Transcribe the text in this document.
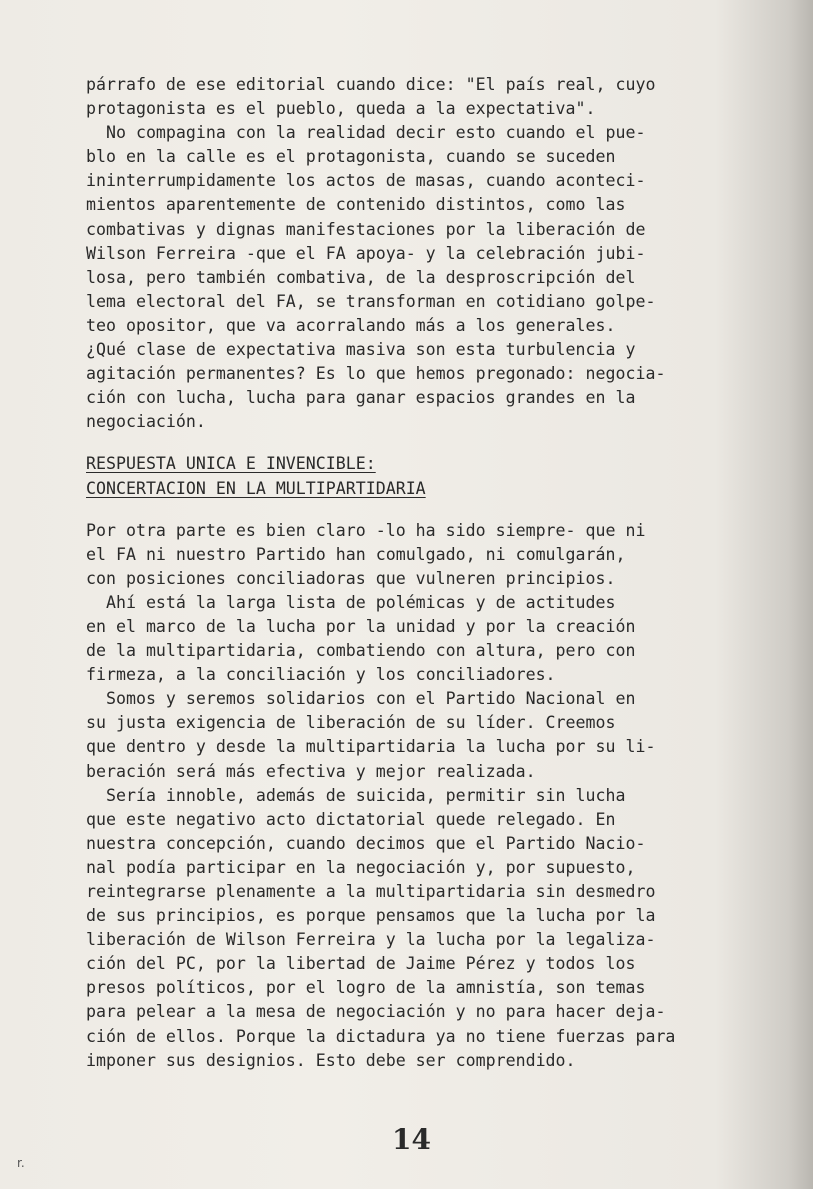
párrafo de ese editorial cuando dice: "El país real, cuyo
protagonista es el pueblo, queda a la expectativa".
No compagina con la realidad decir esto cuando el pue-
blo en la calle es el protagonista, cuando se suceden
ininterrumpidamente los actos de masas, cuando aconteci-
mientos aparentemente de contenido distintos, como las
combativas y dignas manifestaciones por la liberación de
Wilson Ferreira -que el FA apoya- y la celebración jubi-
losa, pero también combativa, de la desproscripción del
lema electoral del FA, se transforman en cotidiano golpe-
teo opositor, que va acorralando más a los generales.
¿Qué clase de expectativa masiva son esta turbulencia y
agitación permanentes? Es lo que hemos pregonado: negocia-
ción con lucha, lucha para ganar espacios grandes en la
negociación.
RESPUESTA UNICA E INVENCIBLE:
CONCERTACION EN LA MULTIPARTIDARIA
Por otra parte es bien claro -lo ha sido siempre- que ni
el FA ni nuestro Partido han comulgado, ni comulgarán,
con posiciones conciliadoras que vulneren principios.
Ahí está la larga lista de polémicas y de actitudes
en el marco de la lucha por la unidad y por la creación
de la multipartidaria, combatiendo con altura, pero con
firmeza, a la conciliación y los conciliadores.
Somos y seremos solidarios con el Partido Nacional en
su justa exigencia de liberación de su líder. Creemos
que dentro y desde la multipartidaria la lucha por su li-
beración será más efectiva y mejor realizada.
Sería innoble, además de suicida, permitir sin lucha
que este negativo acto dictatorial quede relegado. En
nuestra concepción, cuando decimos que el Partido Nacio-
nal podía participar en la negociación y, por supuesto,
reintegrarse plenamente a la multipartidaria sin desmedro
de sus principios, es porque pensamos que la lucha por la
liberación de Wilson Ferreira y la lucha por la legaliza-
ción del PC, por la libertad de Jaime Pérez y todos los
presos políticos, por el logro de la amnistía, son temas
para pelear a la mesa de negociación y no para hacer deja-
ción de ellos. Porque la dictadura ya no tiene fuerzas para
imponer sus designios. Esto debe ser comprendido.
14
r.
